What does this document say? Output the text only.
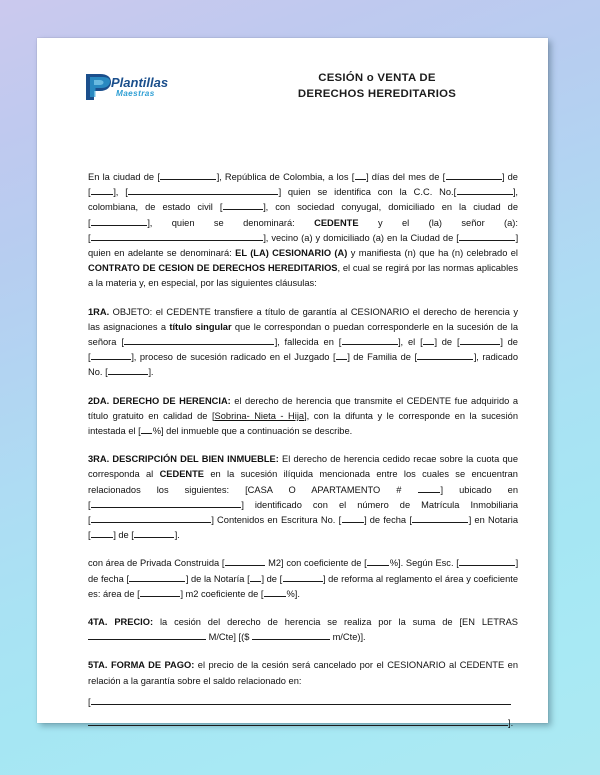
Plantillas
Maestras
CESIÓN o VENTA DE
DERECHOS HEREDITARIOS

En la ciudad de [	], República de Colombia, a los [ ] días del mes de [	] de [ ], [	] quien se identifica con la C.C. No.[	], colombiana, de estado civil [	], con sociedad conyugal, domiciliado en la ciudad de [	], quien se denominará: CEDENTE y el (la) señor (a): [	], vecino (a) y domiciliado (a) en la Ciudad de [	] quien en adelante se denominará: EL (LA) CESIONARIO (A) y manifiesta (n) que ha (n) celebrado el CONTRATO DE CESION DE DERECHOS HEREDITARIOS, el cual se regirá por las normas aplicables a la materia y, en especial, por las siguientes cláusulas:

1RA. OBJETO: el CEDENTE transfiere a título de garantía al CESIONARIO el derecho de herencia y las asignaciones a título singular que le correspondan o puedan corresponderle en la sucesión de la señora [	], fallecida en [	], el [ ] de [	] de [	], proceso de sucesión radicado en el Juzgado [ ] de Familia de [	], radicado No. [	].

2DA. DERECHO DE HERENCIA: el derecho de herencia que transmite el CEDENTE fue adquirido a título gratuito en calidad de [Sobrina- Nieta - Hija], con la difunta y le corresponde en la sucesión intestada el [ %] del inmueble que a continuación se describe.

3RA. DESCRIPCIÓN DEL BIEN INMUEBLE: El derecho de herencia cedido recae sobre la cuota que corresponda al CEDENTE en la sucesión ilíquida mencionada entre los cuales se encuentran relacionados los siguientes: [CASA O APARTAMENTO # ] ubicado en [	] identificado con el número de Matrícula Inmobiliaria [	] Contenidos en Escritura No. [ ] de fecha [	] en Notaria [ ] de [	].

con área de Privada Construida [	M2] con coeficiente de [ %]. Según Esc. [	] de fecha [	] de la Notaría [ ] de [	] de reforma al reglamento el área y coeficiente es: área de [	] m2 coeficiente de [ %].

4TA. PRECIO: la cesión del derecho de herencia se realiza por la suma de [EN LETRAS  M/Cte] [($	m/Cte)].

5TA. FORMA DE PAGO: el precio de la cesión será cancelado por el CESIONARIO al CEDENTE en relación a la garantía sobre el saldo relacionado en:
[
].
